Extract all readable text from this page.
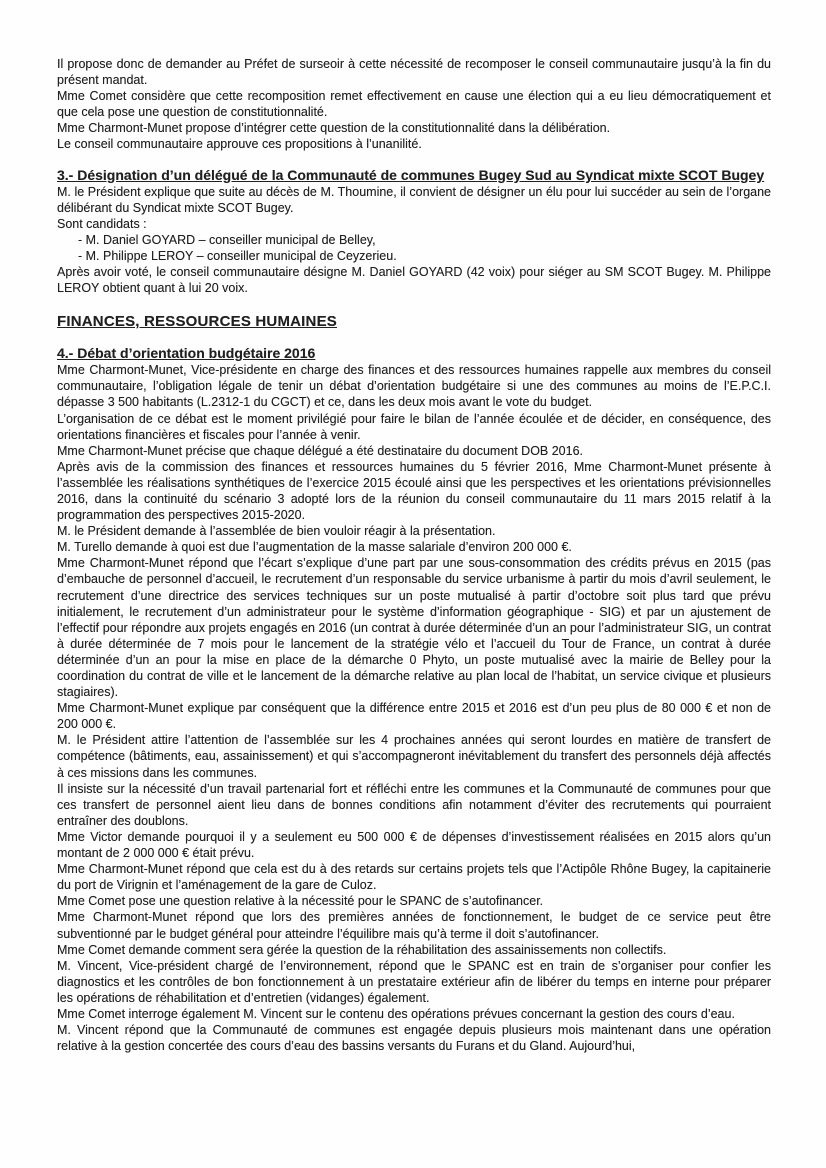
Il propose donc de demander au Préfet de surseoir à cette nécessité de recomposer le conseil communautaire jusqu’à la fin du présent mandat.
Mme Comet considère que cette recomposition remet effectivement en cause une élection qui a eu lieu démocratiquement et que cela pose une question de constitutionnalité.
Mme Charmont-Munet propose d’intégrer cette question de la constitutionnalité dans la délibération.
Le conseil communautaire approuve ces propositions à l’unanilité.
3.- Désignation d’un délégué de la Communauté de communes Bugey Sud au Syndicat mixte SCOT Bugey
M. le Président explique que suite au décès de M. Thoumine, il convient de désigner un élu pour lui succéder au sein de l’organe délibérant du Syndicat mixte SCOT Bugey.
Sont candidats :
- M. Daniel GOYARD – conseiller municipal de Belley,
- M. Philippe LEROY – conseiller municipal de Ceyzerieu.
Après avoir voté, le conseil communautaire désigne M. Daniel GOYARD (42 voix) pour siéger au SM SCOT Bugey. M. Philippe LEROY obtient quant à lui 20 voix.
FINANCES, RESSOURCES HUMAINES
4.- Débat d’orientation budgétaire 2016
Mme Charmont-Munet, Vice-présidente en charge des finances et des ressources humaines rappelle aux membres du conseil communautaire, l’obligation légale de tenir un débat d’orientation budgétaire si une des communes au moins de l’E.P.C.I. dépasse 3 500 habitants (L.2312-1 du CGCT) et ce, dans les deux mois avant le vote du budget.
L’organisation de ce débat est le moment privilégié pour faire le bilan de l’année écoulée et de décider, en conséquence, des orientations financières et fiscales pour l’année à venir.
Mme Charmont-Munet précise que chaque délégué a été destinataire du document DOB 2016.
Après avis de la commission des finances et ressources humaines du 5 février 2016, Mme Charmont-Munet présente à l’assemblée les réalisations synthétiques de l’exercice 2015 écoulé ainsi que les perspectives et les orientations prévisionnelles 2016, dans la continuité du scénario 3 adopté lors de la réunion du conseil communautaire du 11 mars 2015 relatif à la programmation des perspectives 2015-2020.
M. le Président demande à l’assemblée de bien vouloir réagir à la présentation.
M. Turello demande à quoi est due l’augmentation de la masse salariale d’environ 200 000 €.
Mme Charmont-Munet répond que l’écart s’explique d’une part par une sous-consommation des crédits prévus en 2015 (pas d’embauche de personnel d’accueil, le recrutement d’un responsable du service urbanisme à partir du mois d’avril seulement, le recrutement d’une directrice des services techniques sur un poste mutualisé à partir d’octobre soit plus tard que prévu initialement, le recrutement d’un administrateur pour le système d’information géographique - SIG) et par un ajustement de l’effectif pour répondre aux projets engagés en 2016 (un contrat à durée déterminée d’un an pour l’administrateur SIG, un contrat à durée déterminée de 7 mois pour le lancement de la stratégie vélo et l’accueil du Tour de France, un contrat à durée déterminée d’un an pour la mise en place de la démarche 0 Phyto, un poste mutualisé avec la mairie de Belley pour la coordination du contrat de ville et le lancement de la démarche relative au plan local de l’habitat, un service civique et plusieurs stagiaires).
Mme Charmont-Munet explique par conséquent que la différence entre 2015 et 2016 est d’un peu plus de 80 000 € et non de 200 000 €.
M. le Président attire l’attention de l’assemblée sur les 4 prochaines années qui seront lourdes en matière de transfert de compétence (bâtiments, eau, assainissement) et qui s’accompagneront inévitablement du transfert des personnels déjà affectés à ces missions dans les communes.
Il insiste sur la nécessité d’un travail partenarial fort et réfléchi entre les communes et la Communauté de communes pour que ces transfert de personnel aient lieu dans de bonnes conditions afin notamment d’éviter des recrutements qui pourraient entraîner des doublons.
Mme Victor demande pourquoi il y a seulement eu 500 000 € de dépenses d’investissement réalisées en 2015 alors qu’un montant de 2 000 000 € était prévu.
Mme Charmont-Munet répond que cela est du à des retards sur certains projets tels que l’Actipôle Rhône Bugey, la capitainerie du port de Virignin et l’aménagement de la gare de Culoz.
Mme Comet pose une question relative à la nécessité pour le SPANC de s’autofinancer.
Mme Charmont-Munet répond que lors des premières années de fonctionnement, le budget de ce service peut être subventionné par le budget général pour atteindre l’équilibre mais qu’à terme il doit s’autofinancer.
Mme Comet demande comment sera gérée la question de la réhabilitation des assainissements non collectifs.
M. Vincent, Vice-président chargé de l’environnement, répond que le SPANC est en train de s’organiser pour confier les diagnostics et les contrôles de bon fonctionnement à un prestataire extérieur afin de libérer du temps en interne pour préparer les opérations de réhabilitation et d’entretien (vidanges) également.
Mme Comet interroge également M. Vincent sur le contenu des opérations prévues concernant la gestion des cours d’eau.
M. Vincent répond que la Communauté de communes est engagée depuis plusieurs mois maintenant dans une opération relative à la gestion concertée des cours d’eau des bassins versants du Furans et du Gland. Aujourd’hui,
